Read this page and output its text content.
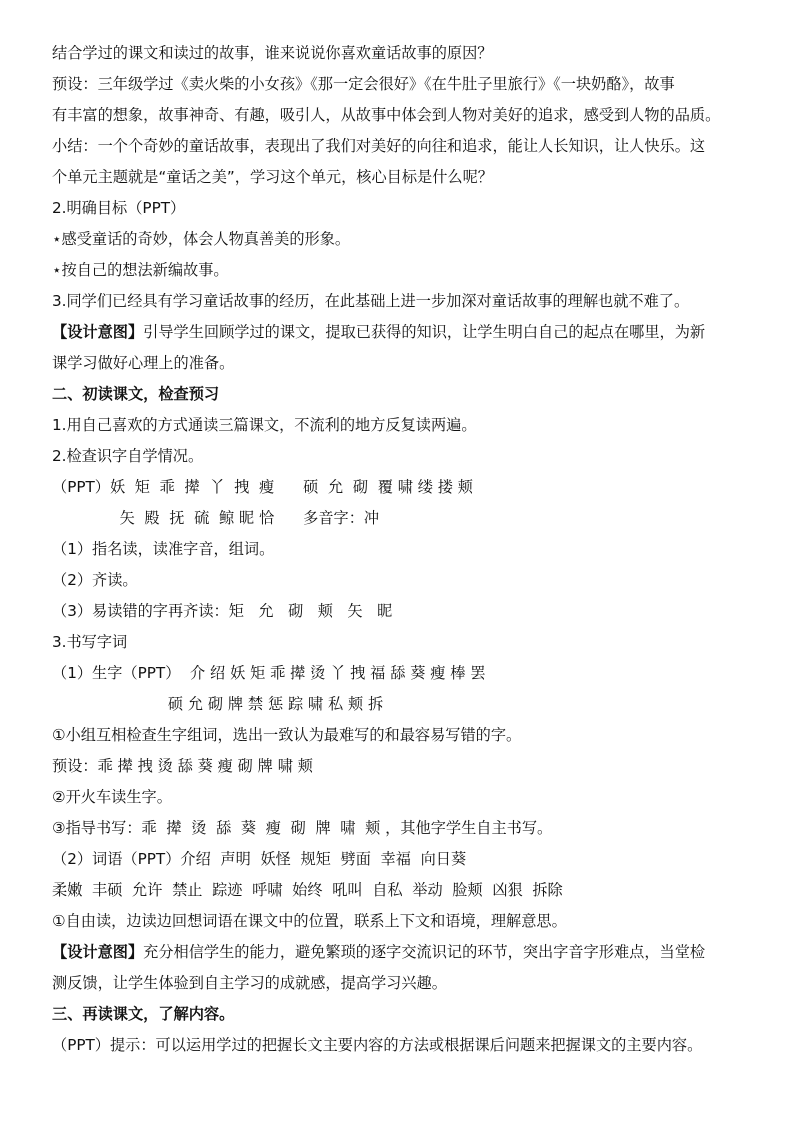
结合学过的课文和读过的故事，谁来说说你喜欢童话故事的原因？
预设：三年级学过《卖火柴的小女孩》《那一定会很好》《在牛肚子里旅行》《一块奶酪》，故事
有丰富的想象，故事神奇、有趣，吸引人，从故事中体会到人物对美好的追求，感受到人物的品质。
小结：一个个奇妙的童话故事，表现出了我们对美好的向往和追求，能让人长知识，让人快乐。这
个单元主题就是“童话之美”，学习这个单元，核心目标是什么呢？
2.明确目标（PPT）
⋆感受童话的奇妙，体会人物真善美的形象。
⋆按自己的想法新编故事。
3.同学们已经具有学习童话故事的经历，在此基础上进一步加深对童话故事的理解也就不难了。
【设计意图】引导学生回顾学过的课文，提取已获得的知识，让学生明白自己的起点在哪里，为新
课学习做好心理上的准备。
二、初读课文，检查预习
1.用自己喜欢的方式通读三篇课文，不流利的地方反复读两遍。
2.检查识字自学情况。
（PPT）妖  矩  乖  撵  丫  拽  瘦      硕  允  砌  覆 啸 缕 搂 颊
矢  殿  抚  硫  鲸 昵 恰      多音字：冲
（1）指名读，读准字音，组词。
（2）齐读。
（3）易读错的字再齐读：矩   允   砌   颊   矢   昵
3.书写字词
（1）生字（PPT）  介 绍 妖 矩 乖 撵 烫 丫 拽 福 舔 葵 瘦 棒 罢
硕 允 砌 牌 禁 惩 踪 啸 私 颊 拆
①小组互相检查生字组词，选出一致认为最难写的和最容易写错的字。
预设：乖 撵 拽 烫 舔 葵 瘦 砌 牌 啸 颊
②开火车读生字。
③指导书写：乖  撵  烫  舔  葵  瘦  砌  牌  啸  颊 ，其他字学生自主书写。
（2）词语（PPT）介绍  声明  妖怪  规矩  劈面  幸福  向日葵
柔嫩  丰硕  允许  禁止  踪迹  呼啸  始终  吼叫  自私  举动  脸颊  凶狠  拆除
①自由读，边读边回想词语在课文中的位置，联系上下文和语境，理解意思。
【设计意图】充分相信学生的能力，避免繁琐的逐字交流识记的环节，突出字音字形难点，当堂检
测反馈，让学生体验到自主学习的成就感，提高学习兴趣。
三、再读课文，了解内容。
（PPT）提示：可以运用学过的把握长文主要内容的方法或根据课后问题来把握课文的主要内容。
